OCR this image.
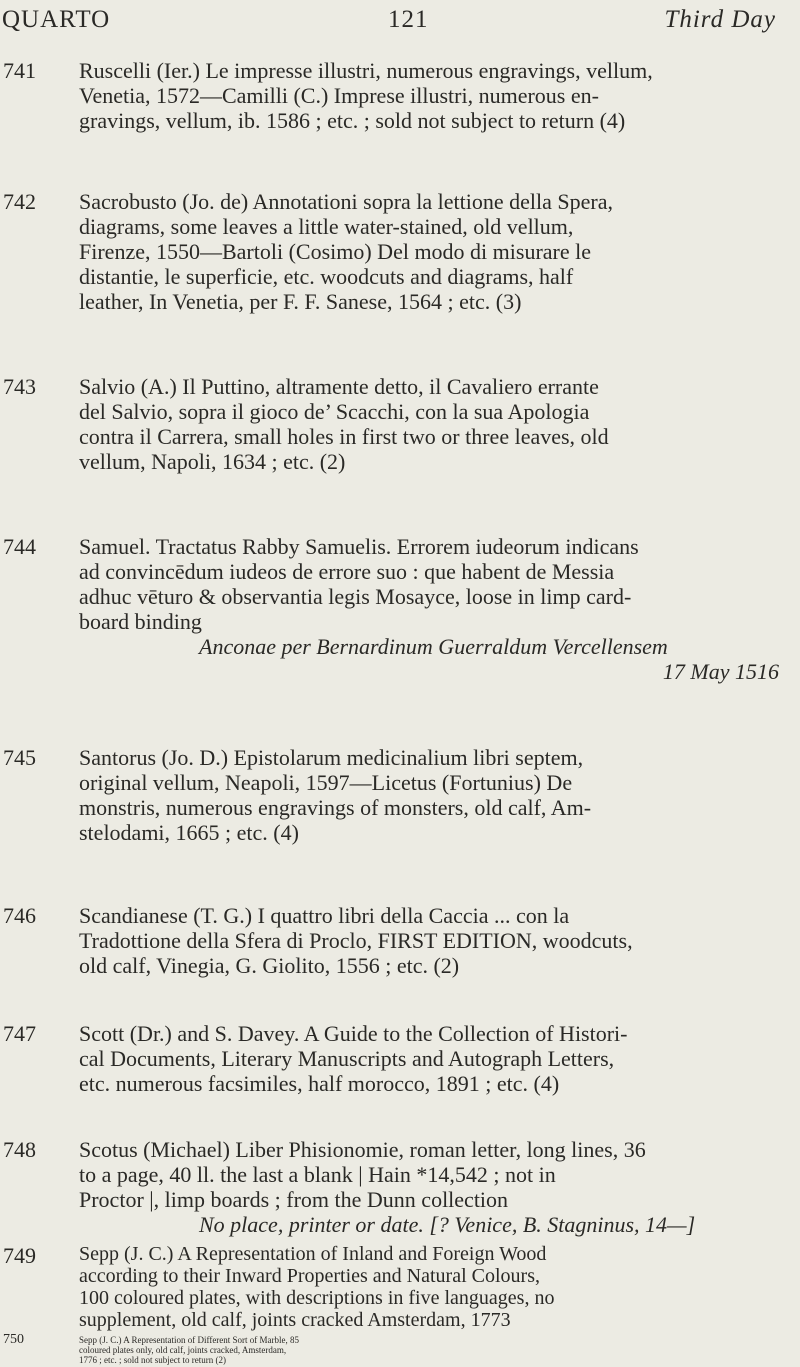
QUARTO	121	Third Day
741 Ruscelli (Ier.) Le impresse illustri, numerous engravings, vellum,
Venetia, 1572—Camilli (C.) Imprese illustri, numerous en-
gravings, vellum, ib. 1586 ; etc. ; sold not subject to return (4)

742 Sacrobusto (Jo. de) Annotationi sopra la lettione della Spera,
diagrams, some leaves a little water-stained, old vellum,
Firenze, 1550—Bartoli (Cosimo) Del modo di misurare le
distantie, le superficie, etc. woodcuts and diagrams, half
leather, In Venetia, per F. F. Sanese, 1564 ; etc. (3)

743 Salvio (A.) Il Puttino, altramente detto, il Cavaliero errante
del Salvio, sopra il gioco de’ Scacchi, con la sua Apologia
contra il Carrera, small holes in first two or three leaves, old
vellum, Napoli, 1634 ; etc. (2)

744 Samuel. Tractatus Rabby Samuelis. Errorem iudeorum indicans
ad convincēdum iudeos de errore suo : que habent de Messia
adhuc vēturo & observantia legis Mosayce, loose in limp card-
board binding
Anconae per Bernardinum Guerraldum Vercellensem
17 May 1516

745 Santorus (Jo. D.) Epistolarum medicinalium libri septem,
original vellum, Neapoli, 1597—Licetus (Fortunius) De
monstris, numerous engravings of monsters, old calf, Am-
stelodami, 1665 ; etc. (4)

746 Scandianese (T. G.) I quattro libri della Caccia ... con la
Tradottione della Sfera di Proclo, FIRST EDITION, woodcuts,
old calf, Vinegia, G. Giolito, 1556 ; etc. (2)

747 Scott (Dr.) and S. Davey. A Guide to the Collection of Histori-
cal Documents, Literary Manuscripts and Autograph Letters,
etc. numerous facsimiles, half morocco, 1891 ; etc. (4)

748 Scotus (Michael) Liber Phisionomie, roman letter, long lines, 36
to a page, 40 ll. the last a blank | Hain *14,542 ; not in
Proctor |, limp boards ; from the Dunn collection
No place, printer or date. [? Venice, B. Stagninus, 14—]

749 Sepp (J. C.) A Representation of Inland and Foreign Wood
according to their Inward Properties and Natural Colours,
100 coloured plates, with descriptions in five languages, no
supplement, old calf, joints cracked Amsterdam, 1773

750	Sepp (J. C.) A Representation of Different Sort of Marble, 85
coloured plates only, old calf, joints cracked, Amsterdam,
1776 ; etc. ; sold not subject to return (2)
